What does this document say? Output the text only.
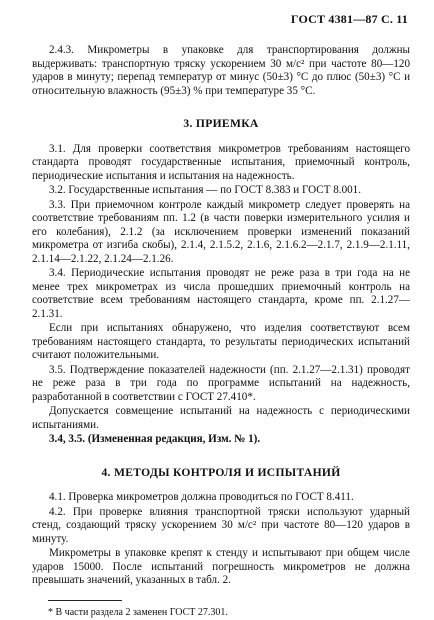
ГОСТ 4381—87 С. 11

2.4.3. Микрометры в упаковке для транспортирования должны выдерживать: транспортную тряску ускорением 30 м/с² при частоте 80—120 ударов в минуту; перепад температур от минус (50±3) °С до плюс (50±3) °С и относительную влажность (95±3) % при температуре 35 °С.

3. ПРИЕМКА

3.1. Для проверки соответствия микрометров требованиям настоящего стандарта проводят государственные испытания, приемочный контроль, периодические испытания и испытания на надежность.

3.2. Государственные испытания — по ГОСТ 8.383 и ГОСТ 8.001.

3.3. При приемочном контроле каждый микрометр следует проверять на соответствие требованиям пп. 1.2 (в части поверки измерительного усилия и его колебания), 2.1.2 (за исключением проверки изменений показаний микрометра от изгиба скобы), 2.1.4, 2.1.5.2, 2.1.6, 2.1.6.2—2.1.7, 2.1.9—2.1.11, 2.1.14—2.1.22, 2.1.24—2.1.26.

3.4. Периодические испытания проводят не реже раза в три года на не менее трех микрометрах из числа прошедших приемочный контроль на соответствие всем требованиям настоящего стандарта, кроме пп. 2.1.27—2.1.31.

Если при испытаниях обнаружено, что изделия соответствуют всем требованиям настоящего стандарта, то результаты периодических испытаний считают положительными.

3.5. Подтверждение показателей надежности (пп. 2.1.27—2.1.31) проводят не реже раза в три года по программе испытаний на надежность, разработанной в соответствии с ГОСТ 27.410*.

Допускается совмещение испытаний на надежность с периодическими испытаниями.

3.4, 3.5. (Измененная редакция, Изм. № 1).

4. МЕТОДЫ КОНТРОЛЯ И ИСПЫТАНИЙ

4.1. Проверка микрометров должна проводиться по ГОСТ 8.411.

4.2. При проверке влияния транспортной тряски используют ударный стенд, создающий тряску ускорением 30 м/с² при частоте 80—120 ударов в минуту.

Микрометры в упаковке крепят к стенду и испытывают при общем числе ударов 15000. После испытаний погрешность микрометров не должна превышать значений, указанных в табл. 2.

* В части раздела 2 заменен ГОСТ 27.301.
